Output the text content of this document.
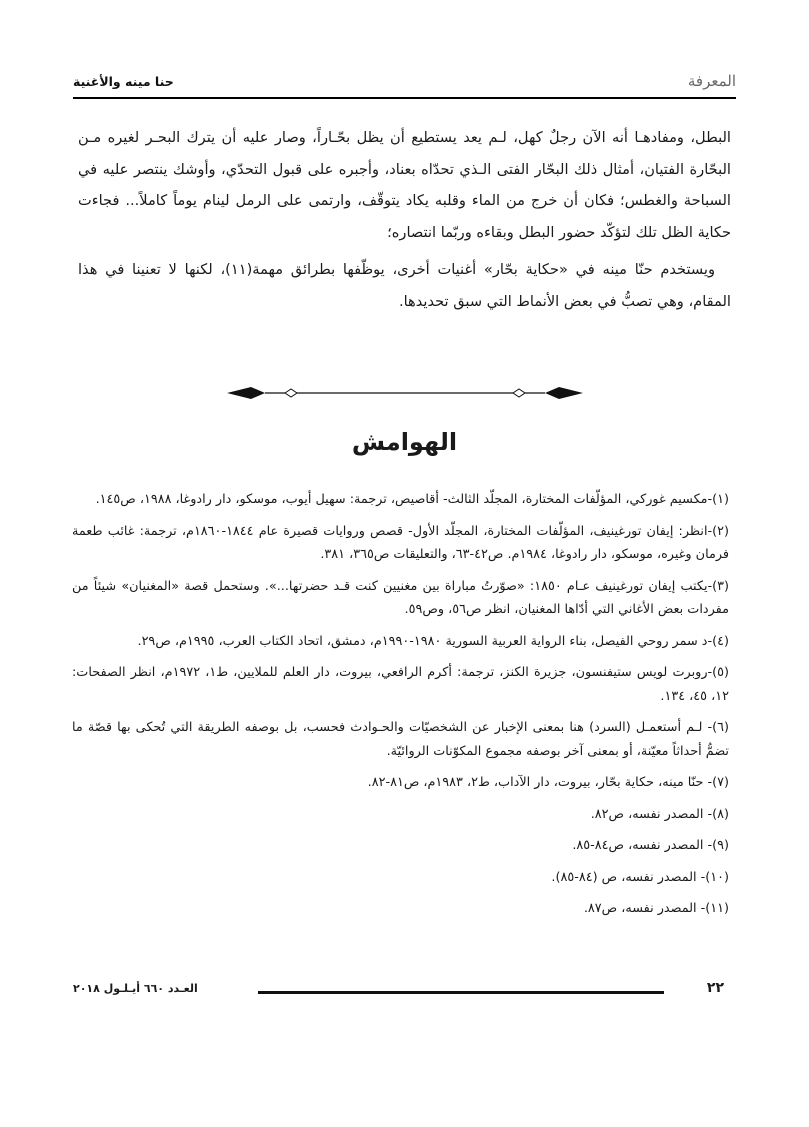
المعرفة
حنا مينه والأغنية

البطل، ومفادهـا أنه الآن رجلٌ كهل، لـم يعد يستطيع أن يظل بحّـاراً، وصار عليه أن يترك البحـر لغيره مـن البحّارة الفتيان، أمثال ذلك البحّار الفتى الـذي تحدّاه بعناد، وأجبره على قبول التحدّي، وأوشك ينتصر عليه في السباحة والغطس؛ فكان أن خرج من الماء وقلبه يكاد يتوقّف، وارتمى على الرمل لينام يوماً كاملاً... فجاءت حكاية الظل تلك لتؤكّد حضور البطل وبقاءه وربّما انتصاره؛

ويستخدم حنّا مينه في «حكاية بحّار» أغنيات أخرى، يوظّفها بطرائق مهمة(١١)، لكنها لا تعنينا في هذا المقام، وهي تصبُّ في بعض الأنماط التي سبق تحديدها.

الهوامش
(١)-مكسيم غوركي، المؤلّفات المختارة، المجلّد الثالث- أقاصيص، ترجمة: سهيل أيوب، موسكو، دار رادوغا، ١٩٨٨، ص١٤٥.
(٢)-انظر: إيفان تورغينيف، المؤلّفات المختارة، المجلّد الأول- قصص وروايات قصيرة عام ١٨٤٤-١٨٦٠م، ترجمة: غائب طعمة فرمان وغيره، موسكو، دار رادوغا، ١٩٨٤م. ص٤٢-٦٣، والتعليقات ص٣٦٥، ٣٨١.
(٣)-يكتب إيفان تورغينيف عـام ١٨٥٠: «صوّرتُ مباراة بين مغنيين كنت قـد حضرتها...». وستحمل قصة «المغنيان» شيئاً من مفردات بعض الأغاني التي أدّاها المغنيان، انظر ص٥٦، وص٥٩.
(٤)-د سمر روحي الفيصل، بناء الرواية العربية السورية ١٩٨٠-١٩٩٠م، دمشق، اتحاد الكتاب العرب، ١٩٩٥م، ص٢٩.
(٥)-روبرت لويس ستيفنسون، جزيرة الكنز، ترجمة: أكرم الرافعي، بيروت، دار العلم للملايين، ط١، ١٩٧٢م، انظر الصفحات: ١٢، ٤٥، ١٣٤.
(٦)- لـم أستعمـل (السرد) هنا بمعنى الإخبار عن الشخصيّات والحـوادث فحسب، بل بوصفه الطريقة التي تُحكى بها قصّة ما تضمُّ أحداثاً معيّنة، أو بمعنى آخر بوصفه مجموع المكوّنات الروائيّة.
(٧)- حنّا مينه، حكاية بحّار، بيروت، دار الآداب، ط٢، ١٩٨٣م، ص٨١-٨٢.
(٨)- المصدر نفسه، ص٨٢.
(٩)- المصدر نفسه، ص٨٤-٨٥.
(١٠)- المصدر نفسه، ص (٨٤-٨٥).
(١١)- المصدر نفسه، ص٨٧.
٢٢
العـدد ٦٦٠ أيـلـول ٢٠١٨
